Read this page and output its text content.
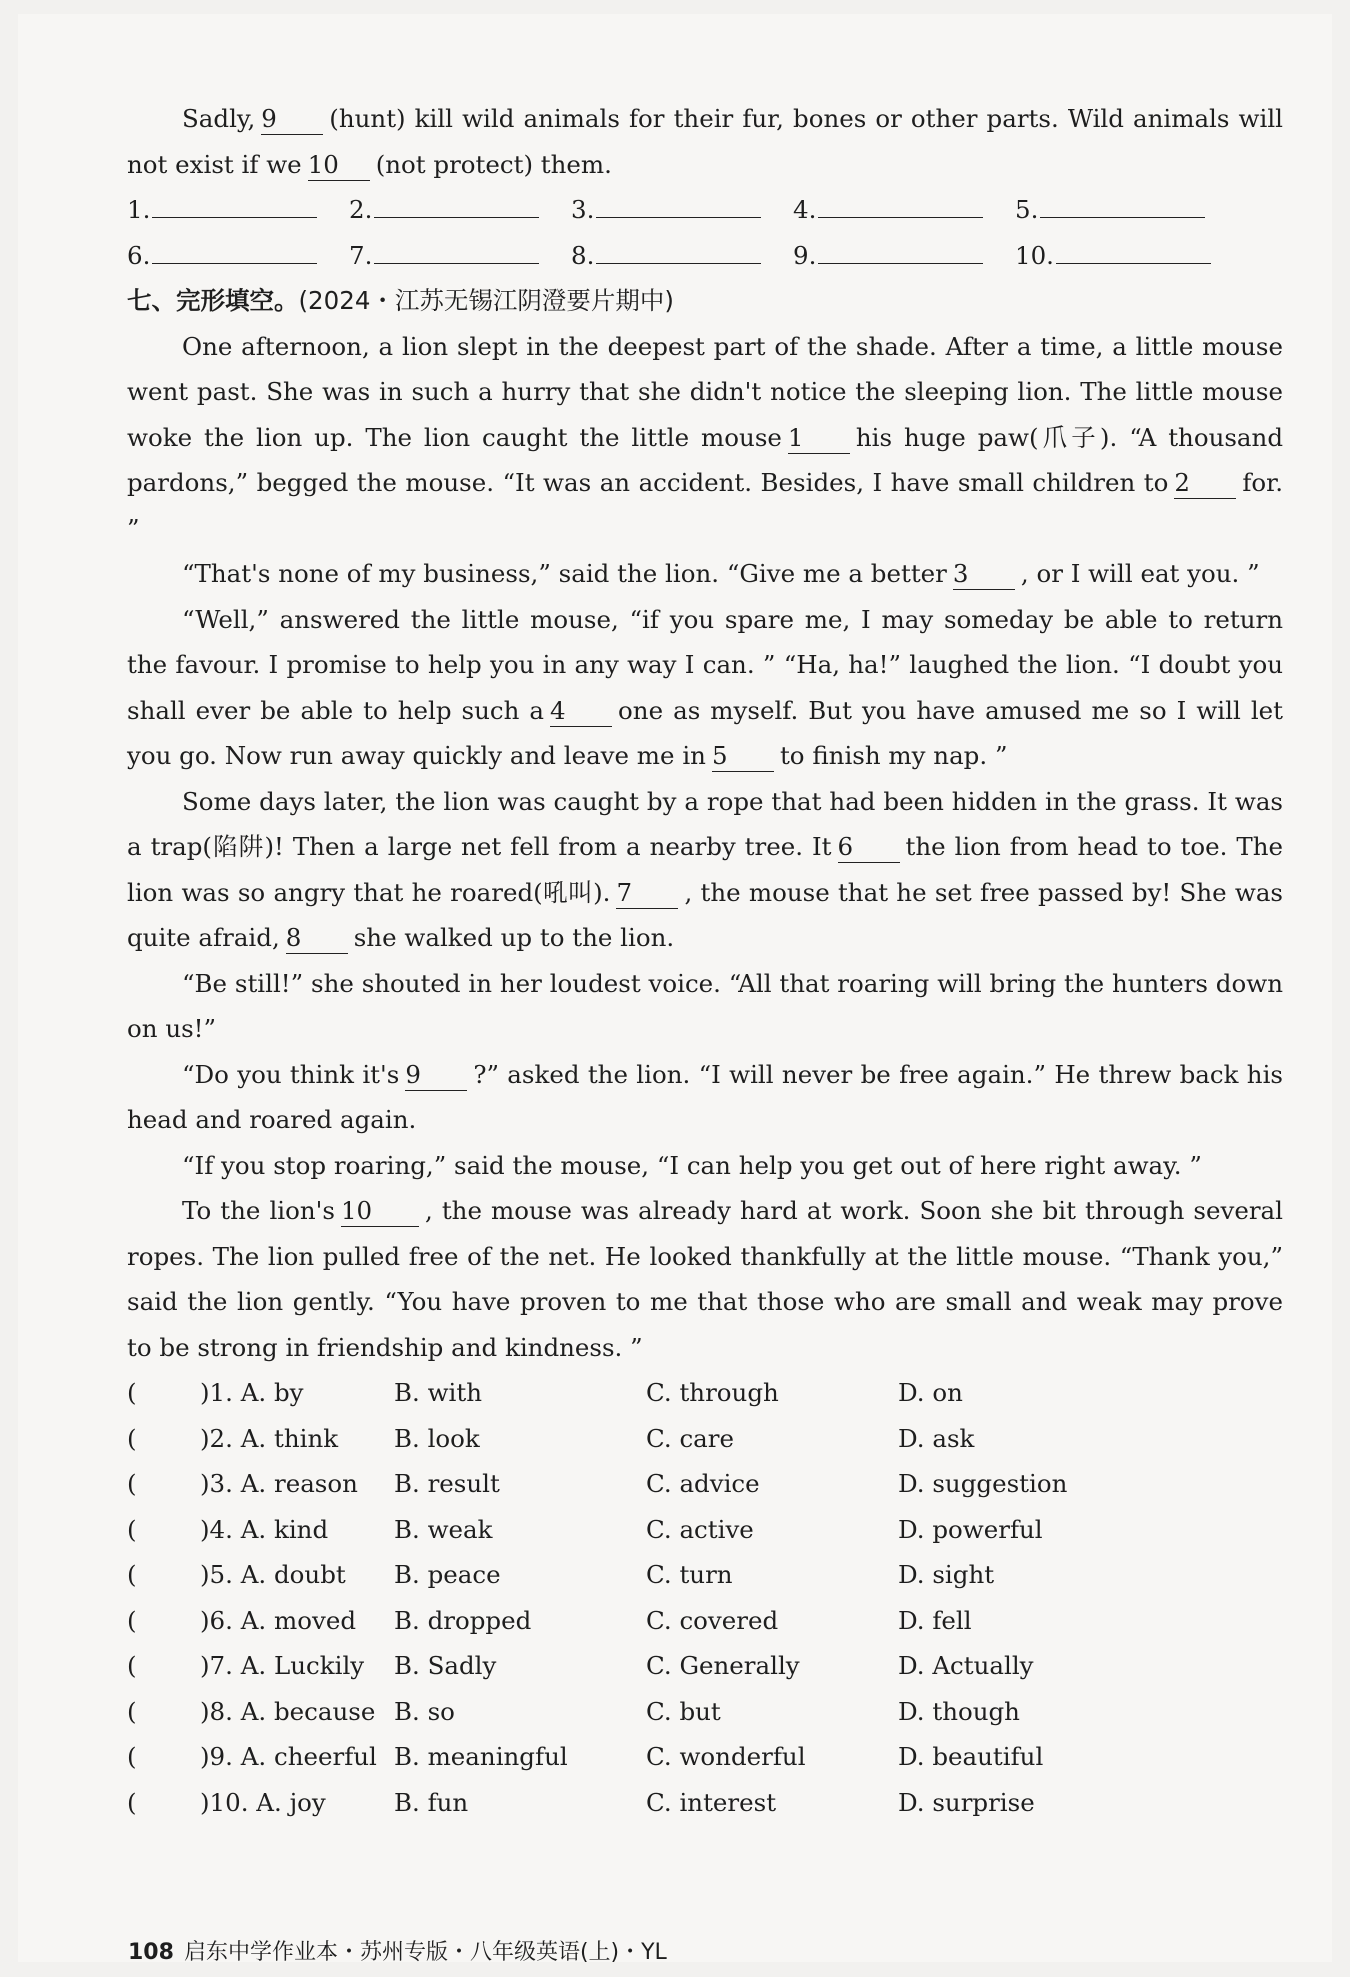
Sadly, 9 (hunt) kill wild animals for their fur, bones or other parts. Wild animals will not exist if we 10 (not protect) them.

1.	2.	3.	4.	5.
6.	7.	8.	9.	10.

七、完形填空。(2024・江苏无锡江阴澄要片期中)

One afternoon, a lion slept in the deepest part of the shade. After a time, a little mouse went past. She was in such a hurry that she didn't notice the sleeping lion. The little mouse woke the lion up. The lion caught the little mouse 1 his huge paw(爪子). “A thousand pardons,” begged the mouse. “It was an accident. Besides, I have small children to 2 for. ”

“That's none of my business,” said the lion. “Give me a better 3 , or I will eat you. ”

“Well,” answered the little mouse, “if you spare me, I may someday be able to return the favour. I promise to help you in any way I can. ” “Ha, ha!” laughed the lion. “I doubt you shall ever be able to help such a 4 one as myself. But you have amused me so I will let you go. Now run away quickly and leave me in 5 to finish my nap. ”

Some days later, the lion was caught by a rope that had been hidden in the grass. It was a trap(陷阱)! Then a large net fell from a nearby tree. It 6 the lion from head to toe. The lion was so angry that he roared(吼叫). 7 , the mouse that he set free passed by! She was quite afraid, 8 she walked up to the lion.

“Be still!” she shouted in her loudest voice. “All that roaring will bring the hunters down on us!”

“Do you think it's 9 ?” asked the lion. “I will never be free again.” He threw back his head and roared again.

“If you stop roaring,” said the mouse, “I can help you get out of here right away. ”

To the lion's 10 , the mouse was already hard at work. Soon she bit through several ropes. The lion pulled free of the net. He looked thankfully at the little mouse. “Thank you,” said the lion gently. “You have proven to me that those who are small and weak may prove to be strong in friendship and kindness. ”

(	)1. A. by	B. with	C. through	D. on
(	)2. A. think	B. look	C. care	D. ask
(	)3. A. reason	B. result	C. advice	D. suggestion
(	)4. A. kind	B. weak	C. active	D. powerful
(	)5. A. doubt	B. peace	C. turn	D. sight
(	)6. A. moved	B. dropped	C. covered	D. fell
(	)7. A. Luckily	B. Sadly	C. Generally	D. Actually
(	)8. A. because B. so	C. but	D. though
(	)9. A. cheerful B. meaningful	C. wonderful	D. beautiful
(	)10. A. joy	B. fun	C. interest	D. surprise
108 启东中学作业本・苏州专版・八年级英语(上)・YL
